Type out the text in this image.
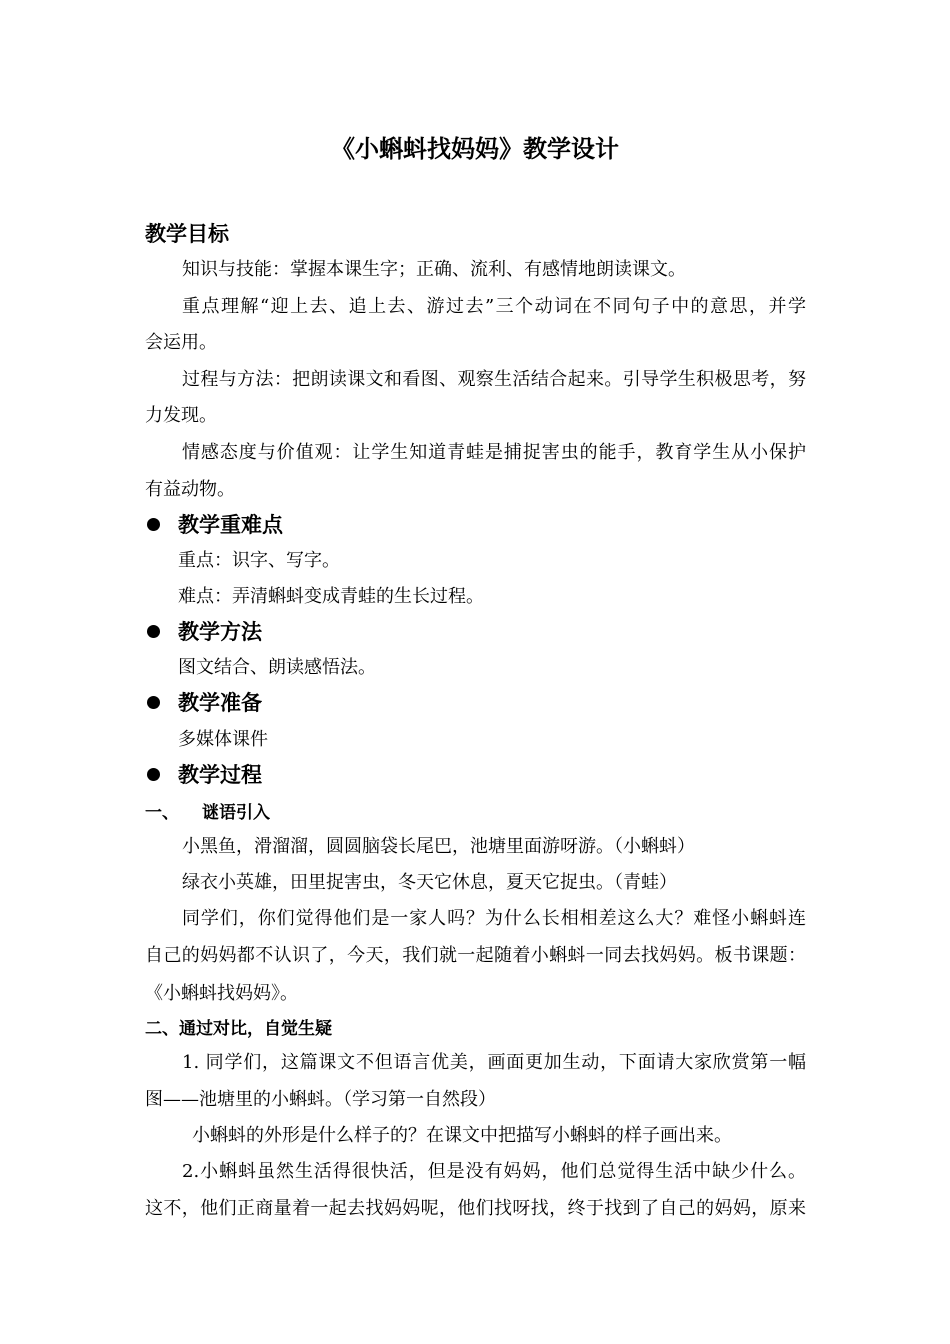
《小蝌蚪找妈妈》教学设计
教学目标
知识与技能：掌握本课生字；正确、流利、有感情地朗读课文。
重点理解“迎上去、追上去、游过去”三个动词在不同句子中的意思，并学
会运用。
过程与方法：把朗读课文和看图、观察生活结合起来。引导学生积极思考，努
力发现。
情感态度与价值观：让学生知道青蛙是捕捉害虫的能手，教育学生从小保护
有益动物。
教学重难点
重点：识字、写字。
难点：弄清蝌蚪变成青蛙的生长过程。
教学方法
图文结合、朗读感悟法。
教学准备
多媒体课件
教学过程
一、 谜语引入
小黑鱼，滑溜溜，圆圆脑袋长尾巴，池塘里面游呀游。（小蝌蚪）
绿衣小英雄，田里捉害虫，冬天它休息，夏天它捉虫。（青蛙）
同学们，你们觉得他们是一家人吗？为什么长相相差这么大？难怪小蝌蚪连
自己的妈妈都不认识了，今天，我们就一起随着小蝌蚪一同去找妈妈。板书课题：
《小蝌蚪找妈妈》。
二、通过对比，自觉生疑
1. 同学们，这篇课文不但语言优美，画面更加生动，下面请大家欣赏第一幅
图——池塘里的小蝌蚪。（学习第一自然段）
小蝌蚪的外形是什么样子的？在课文中把描写小蝌蚪的样子画出来。
2.小蝌蚪虽然生活得很快活，但是没有妈妈，他们总觉得生活中缺少什么。
这不，他们正商量着一起去找妈妈呢，他们找呀找，终于找到了自己的妈妈，原来
